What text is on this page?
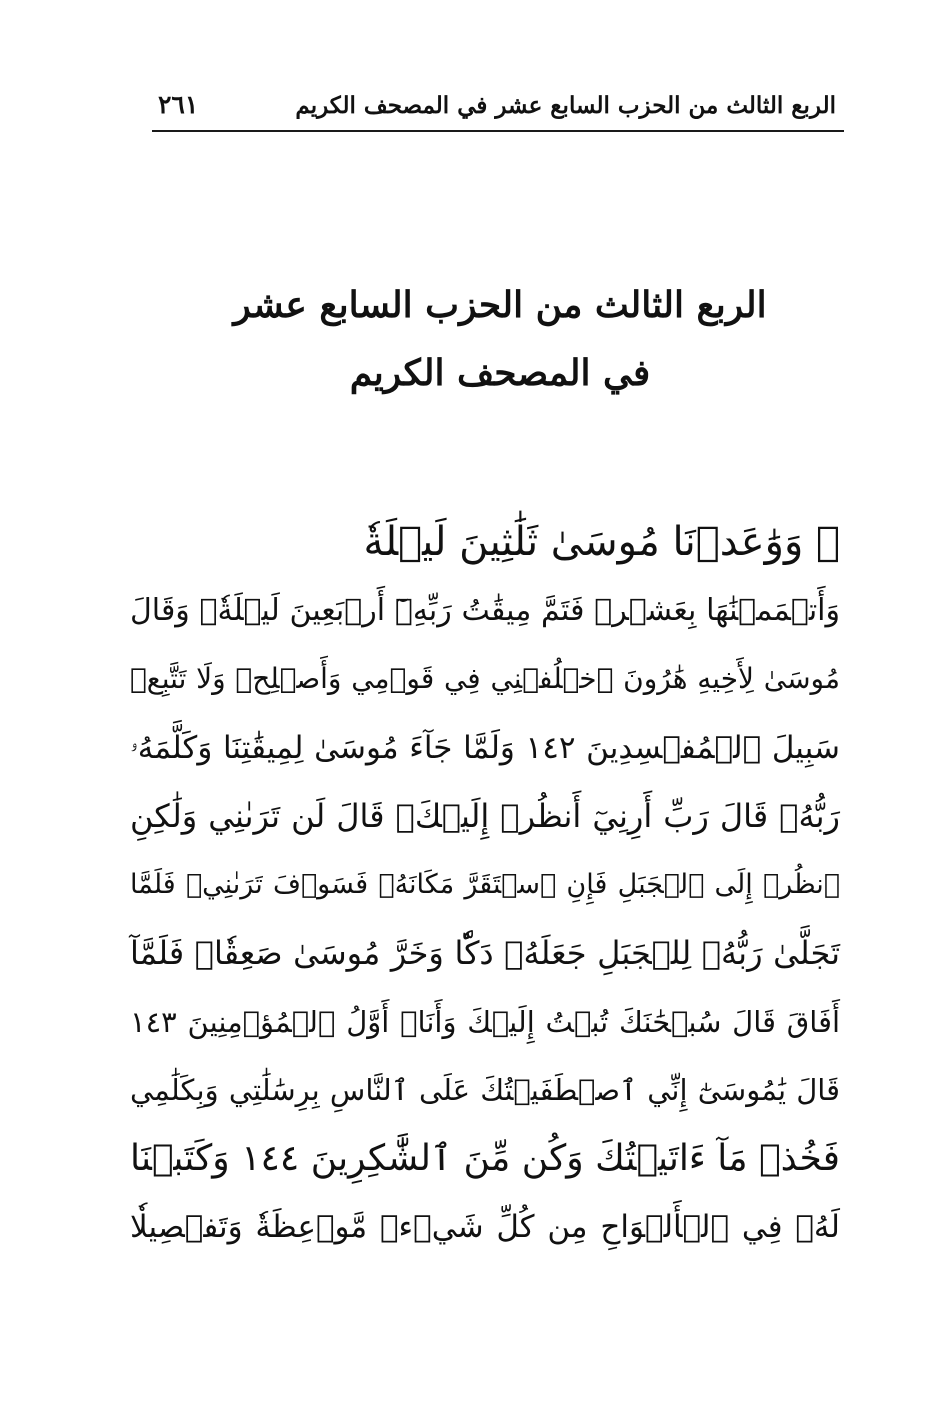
الربع الثالث من الحزب السابع عشر في المصحف الكريم
٢٦١
الربع الثالث من الحزب السابع عشر
في المصحف الكريم
۞ وَوَٰعَدۡنَا مُوسَىٰ ثَلَٰثِينَ لَيۡلَةٗ
وَأَتۡمَمۡنَٰهَا بِعَشۡرٖ فَتَمَّ مِيقَٰتُ رَبِّهِۦٓ أَرۡبَعِينَ لَيۡلَةٗۚ وَقَالَ
مُوسَىٰ لِأَخِيهِ هَٰرُونَ ٱخۡلُفۡنِي فِي قَوۡمِي وَأَصۡلِحۡ وَلَا تَتَّبِعۡ
سَبِيلَ ٱلۡمُفۡسِدِينَ ١٤٢ وَلَمَّا جَآءَ مُوسَىٰ لِمِيقَٰتِنَا وَكَلَّمَهُۥ
رَبُّهُۥ قَالَ رَبِّ أَرِنِيٓ أَنظُرۡ إِلَيۡكَۚ قَالَ لَن تَرَىٰنِي وَلَٰكِنِ
ٱنظُرۡ إِلَى ٱلۡجَبَلِ فَإِنِ ٱسۡتَقَرَّ مَكَانَهُۥ فَسَوۡفَ تَرَىٰنِيۚ فَلَمَّا
تَجَلَّىٰ رَبُّهُۥ لِلۡجَبَلِ جَعَلَهُۥ دَكّٗا وَخَرَّ مُوسَىٰ صَعِقٗاۚ فَلَمَّآ
أَفَاقَ قَالَ سُبۡحَٰنَكَ تُبۡتُ إِلَيۡكَ وَأَنَا۠ أَوَّلُ ٱلۡمُؤۡمِنِينَ ١٤٣
قَالَ يَٰمُوسَىٰٓ إِنِّي ٱصۡطَفَيۡتُكَ عَلَى ٱلنَّاسِ بِرِسَٰلَٰتِي وَبِكَلَٰمِي
فَخُذۡ مَآ ءَاتَيۡتُكَ وَكُن مِّنَ ٱلشَّٰكِرِينَ ١٤٤ وَكَتَبۡنَا
لَهُۥ فِي ٱلۡأَلۡوَاحِ مِن كُلِّ شَيۡءٖ مَّوۡعِظَةٗ وَتَفۡصِيلٗا
